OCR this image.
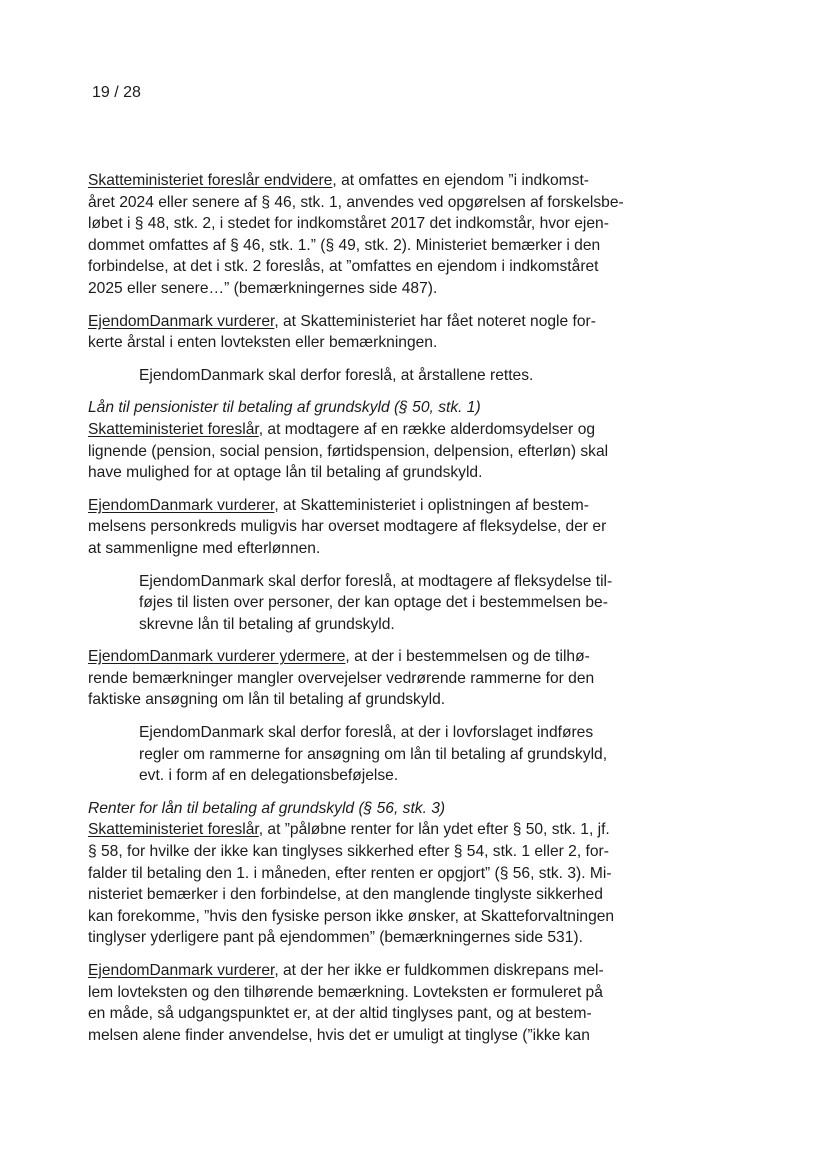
19 / 28
Skatteministeriet foreslår endvidere, at omfattes en ejendom ”i indkomst-
året 2024 eller senere af § 46, stk. 1, anvendes ved opgørelsen af forskelsbe-
løbet i § 48, stk. 2, i stedet for indkomståret 2017 det indkomstår, hvor ejen-
dommet omfattes af § 46, stk. 1.” (§ 49, stk. 2). Ministeriet bemærker i den
forbindelse, at det i stk. 2 foreslås, at ”omfattes en ejendom i indkomståret
2025 eller senere…” (bemærkningernes side 487).
EjendomDanmark vurderer, at Skatteministeriet har fået noteret nogle for-
kerte årstal i enten lovteksten eller bemærkningen.
EjendomDanmark skal derfor foreslå, at årstallene rettes.
Lån til pensionister til betaling af grundskyld (§ 50, stk. 1)
Skatteministeriet foreslår, at modtagere af en række alderdomsydelser og
lignende (pension, social pension, førtidspension, delpension, efterløn) skal
have mulighed for at optage lån til betaling af grundskyld.
EjendomDanmark vurderer, at Skatteministeriet i oplistningen af bestem-
melsens personkreds muligvis har overset modtagere af fleksydelse, der er
at sammenligne med efterlønnen.
EjendomDanmark skal derfor foreslå, at modtagere af fleksydelse til-
føjes til listen over personer, der kan optage det i bestemmelsen be-
skrevne lån til betaling af grundskyld.
EjendomDanmark vurderer ydermere, at der i bestemmelsen og de tilhø-
rende bemærkninger mangler overvejelser vedrørende rammerne for den
faktiske ansøgning om lån til betaling af grundskyld.
EjendomDanmark skal derfor foreslå, at der i lovforslaget indføres
regler om rammerne for ansøgning om lån til betaling af grundskyld,
evt. i form af en delegationsbeføjelse.
Renter for lån til betaling af grundskyld (§ 56, stk. 3)
Skatteministeriet foreslår, at ”påløbne renter for lån ydet efter § 50, stk. 1, jf.
§ 58, for hvilke der ikke kan tinglyses sikkerhed efter § 54, stk. 1 eller 2, for-
falder til betaling den 1. i måneden, efter renten er opgjort” (§ 56, stk. 3). Mi-
nisteriet bemærker i den forbindelse, at den manglende tinglyste sikkerhed
kan forekomme, ”hvis den fysiske person ikke ønsker, at Skatteforvaltningen
tinglyser yderligere pant på ejendommen” (bemærkningernes side 531).
EjendomDanmark vurderer, at der her ikke er fuldkommen diskrepans mel-
lem lovteksten og den tilhørende bemærkning. Lovteksten er formuleret på
en måde, så udgangspunktet er, at der altid tinglyses pant, og at bestem-
melsen alene finder anvendelse, hvis det er umuligt at tinglyse (”ikke kan
